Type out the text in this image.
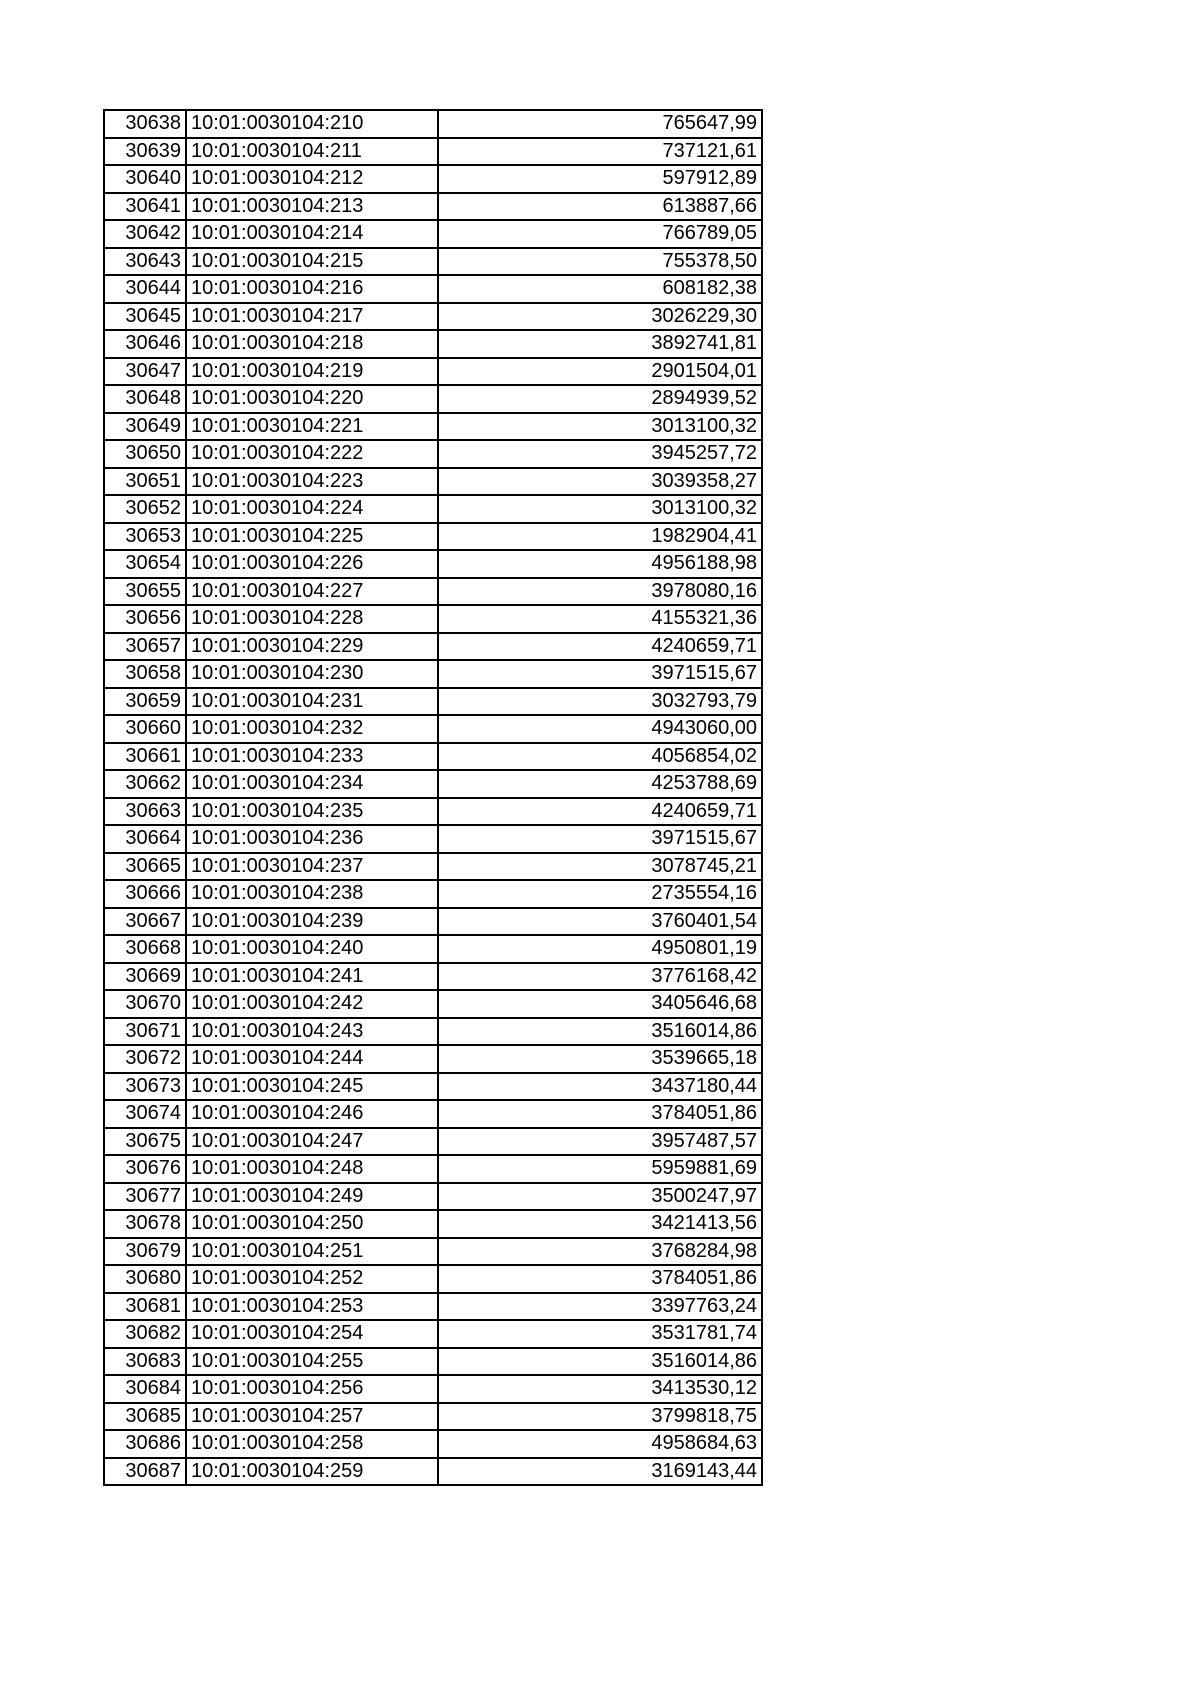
30638	10:01:0030104:210	765647,99
30639	10:01:0030104:211	737121,61
30640	10:01:0030104:212	597912,89
30641	10:01:0030104:213	613887,66
30642	10:01:0030104:214	766789,05
30643	10:01:0030104:215	755378,50
30644	10:01:0030104:216	608182,38
30645	10:01:0030104:217	3026229,30
30646	10:01:0030104:218	3892741,81
30647	10:01:0030104:219	2901504,01
30648	10:01:0030104:220	2894939,52
30649	10:01:0030104:221	3013100,32
30650	10:01:0030104:222	3945257,72
30651	10:01:0030104:223	3039358,27
30652	10:01:0030104:224	3013100,32
30653	10:01:0030104:225	1982904,41
30654	10:01:0030104:226	4956188,98
30655	10:01:0030104:227	3978080,16
30656	10:01:0030104:228	4155321,36
30657	10:01:0030104:229	4240659,71
30658	10:01:0030104:230	3971515,67
30659	10:01:0030104:231	3032793,79
30660	10:01:0030104:232	4943060,00
30661	10:01:0030104:233	4056854,02
30662	10:01:0030104:234	4253788,69
30663	10:01:0030104:235	4240659,71
30664	10:01:0030104:236	3971515,67
30665	10:01:0030104:237	3078745,21
30666	10:01:0030104:238	2735554,16
30667	10:01:0030104:239	3760401,54
30668	10:01:0030104:240	4950801,19
30669	10:01:0030104:241	3776168,42
30670	10:01:0030104:242	3405646,68
30671	10:01:0030104:243	3516014,86
30672	10:01:0030104:244	3539665,18
30673	10:01:0030104:245	3437180,44
30674	10:01:0030104:246	3784051,86
30675	10:01:0030104:247	3957487,57
30676	10:01:0030104:248	5959881,69
30677	10:01:0030104:249	3500247,97
30678	10:01:0030104:250	3421413,56
30679	10:01:0030104:251	3768284,98
30680	10:01:0030104:252	3784051,86
30681	10:01:0030104:253	3397763,24
30682	10:01:0030104:254	3531781,74
30683	10:01:0030104:255	3516014,86
30684	10:01:0030104:256	3413530,12
30685	10:01:0030104:257	3799818,75
30686	10:01:0030104:258	4958684,63
30687	10:01:0030104:259	3169143,44
